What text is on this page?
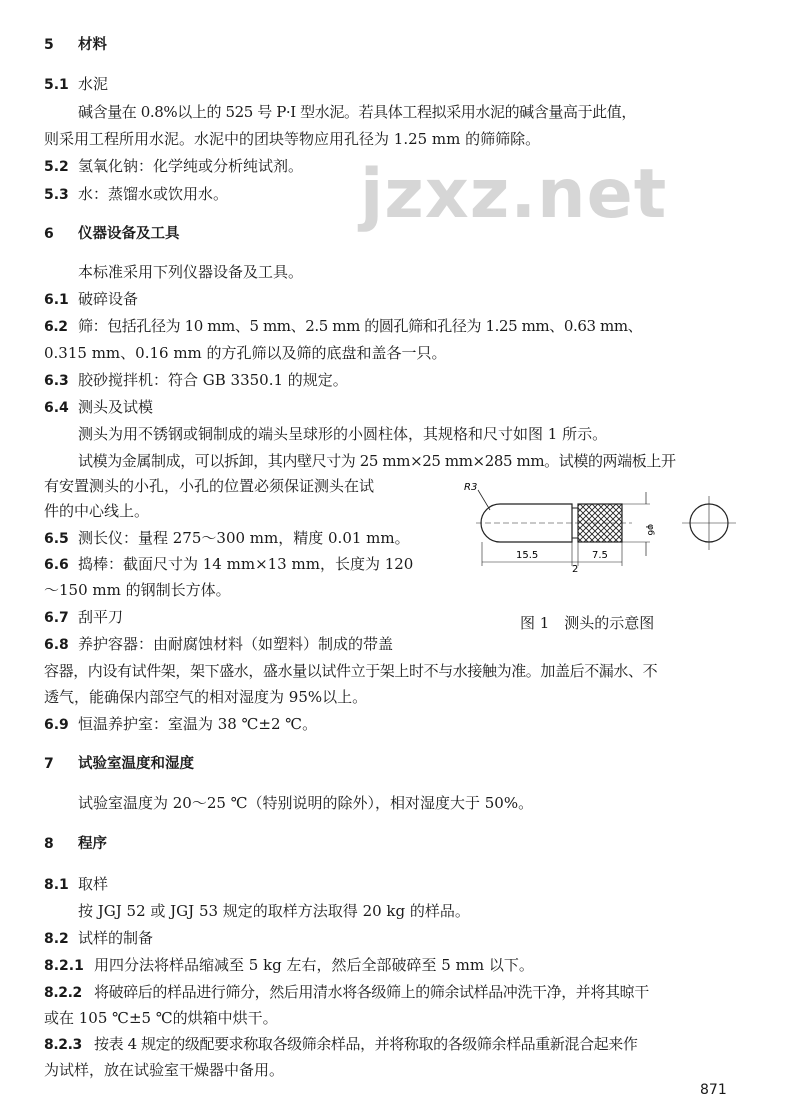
jzxz.net
5 材料
5.1 水泥
碱含量在 0.8%以上的 525 号 P·I 型水泥。若具体工程拟采用水泥的碱含量高于此值，
则采用工程所用水泥。水泥中的团块等物应用孔径为 1.25 mm 的筛筛除。
5.2 氢氧化钠：化学纯或分析纯试剂。
5.3 水：蒸馏水或饮用水。
6 仪器设备及工具
本标准采用下列仪器设备及工具。
6.1 破碎设备
6.2 筛：包括孔径为 10 mm、5 mm、2.5 mm 的圆孔筛和孔径为 1.25 mm、0.63 mm、
0.315 mm、0.16 mm 的方孔筛以及筛的底盘和盖各一只。
6.3 胶砂搅拌机：符合 GB 3350.1 的规定。
6.4 测头及试模
测头为用不锈钢或铜制成的端头呈球形的小圆柱体，其规格和尺寸如图 1 所示。
试模为金属制成，可以拆卸，其内壁尺寸为 25 mm×25 mm×285 mm。试模的两端板上开
有安置测头的小孔，小孔的位置必须保证测头在试
件的中心线上。
6.5 测长仪：量程 275～300 mm，精度 0.01 mm。
6.6 捣棒：截面尺寸为 14 mm×13 mm，长度为 120
～150 mm 的钢制长方体。
6.7 刮平刀
6.8 养护容器：由耐腐蚀材料（如塑料）制成的带盖
容器，内设有试件架，架下盛水，盛水量以试件立于架上时不与水接触为准。加盖后不漏水、不
透气，能确保内部空气的相对湿度为 95%以上。
6.9 恒温养护室：室温为 38 ℃±2 ℃。
7 试验室温度和湿度
试验室温度为 20～25 ℃（特别说明的除外），相对湿度大于 50%。
8 程序
8.1 取样
按 JGJ 52 或 JGJ 53 规定的取样方法取得 20 kg 的样品。
8.2 试样的制备
8.2.1 用四分法将样品缩减至 5 kg 左右，然后全部破碎至 5 mm 以下。
8.2.2 将破碎后的样品进行筛分，然后用清水将各级筛上的筛余试样品冲洗干净，并将其晾干
或在 105 ℃±5 ℃的烘箱中烘干。
8.2.3 按表 4 规定的级配要求称取各级筛余样品，并将称取的各级筛余样品重新混合起来作
为试样，放在试验室干燥器中备用。
R3
φ6
15.5
2
7.5
图 1　测头的示意图
871
